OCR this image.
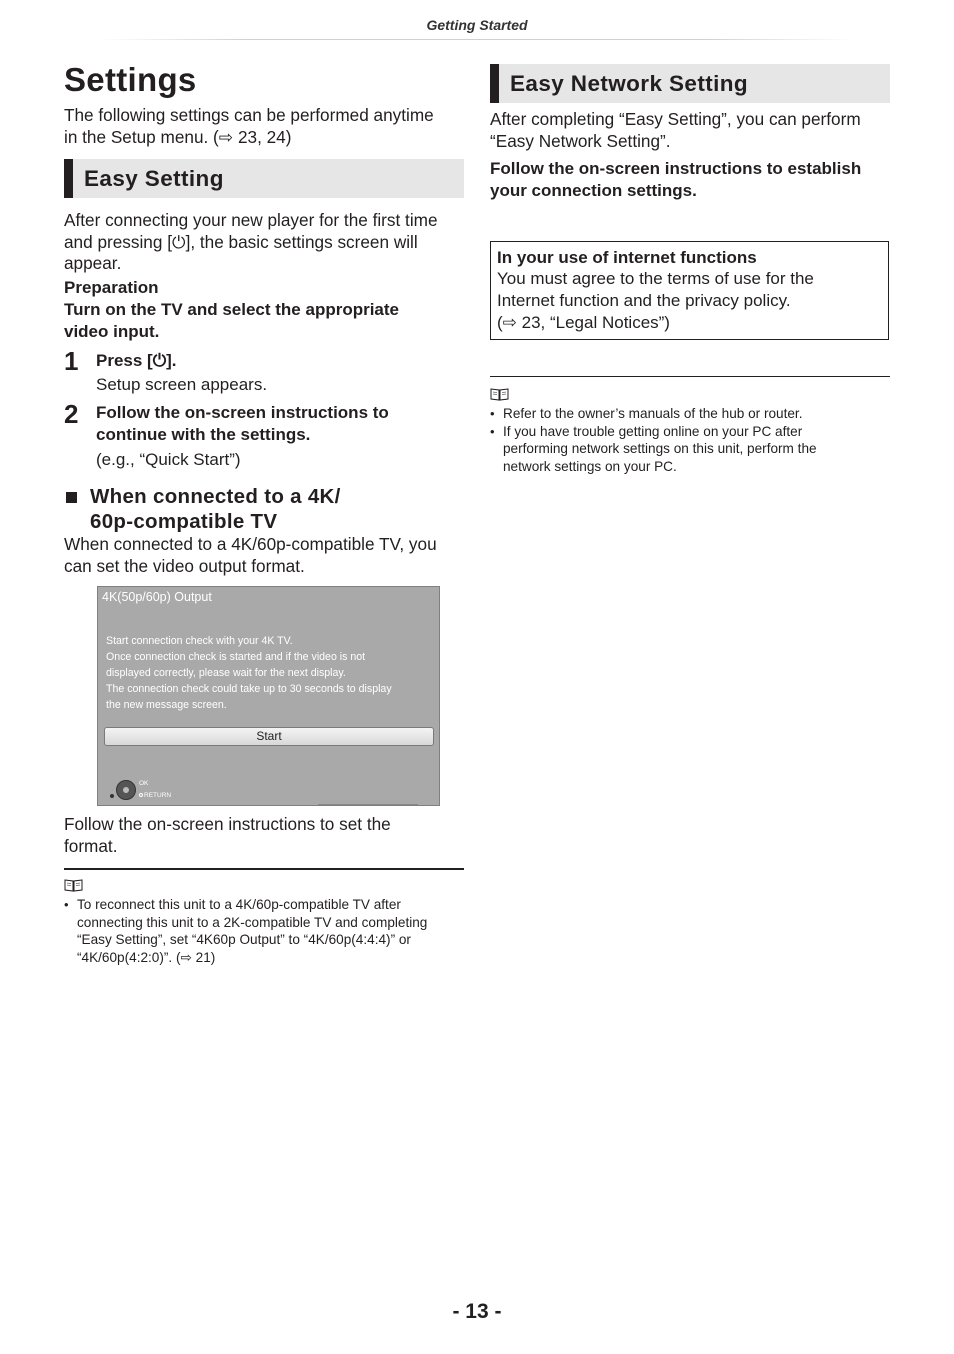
Getting Started
Settings
The following settings can be performed anytime
in the Setup menu. (⇨ 23, 24)
Easy Setting
After connecting your new player for the first time
and pressing [⏻], the basic settings screen will
appear.
Preparation
Turn on the TV and select the appropriate
video input.
1 Press [⏻].
Setup screen appears.
2 Follow the on-screen instructions to
continue with the settings.
(e.g., “Quick Start”)
When connected to a 4K/
60p-compatible TV
When connected to a 4K/60p-compatible TV, you
can set the video output format.
4K(50p/60p) Output
Start connection check with your 4K TV.
Once connection check is started and if the video is not
displayed correctly, please wait for the next display.
The connection check could take up to 30 seconds to display
the new message screen.
Start
OK
RETURN
Follow the on-screen instructions to set the
format.
• To reconnect this unit to a 4K/60p-compatible TV after
connecting this unit to a 2K-compatible TV and completing
“Easy Setting”, set “4K60p Output” to “4K/60p(4:4:4)” or
“4K/60p(4:2:0)”. (⇨ 21)
Easy Network Setting
After completing “Easy Setting”, you can perform
“Easy Network Setting”.
Follow the on-screen instructions to establish
your connection settings.
In your use of internet functions
You must agree to the terms of use for the
Internet function and the privacy policy.
(⇨ 23, “Legal Notices”)
• Refer to the owner’s manuals of the hub or router.
• If you have trouble getting online on your PC after
performing network settings on this unit, perform the
network settings on your PC.
- 13 -
